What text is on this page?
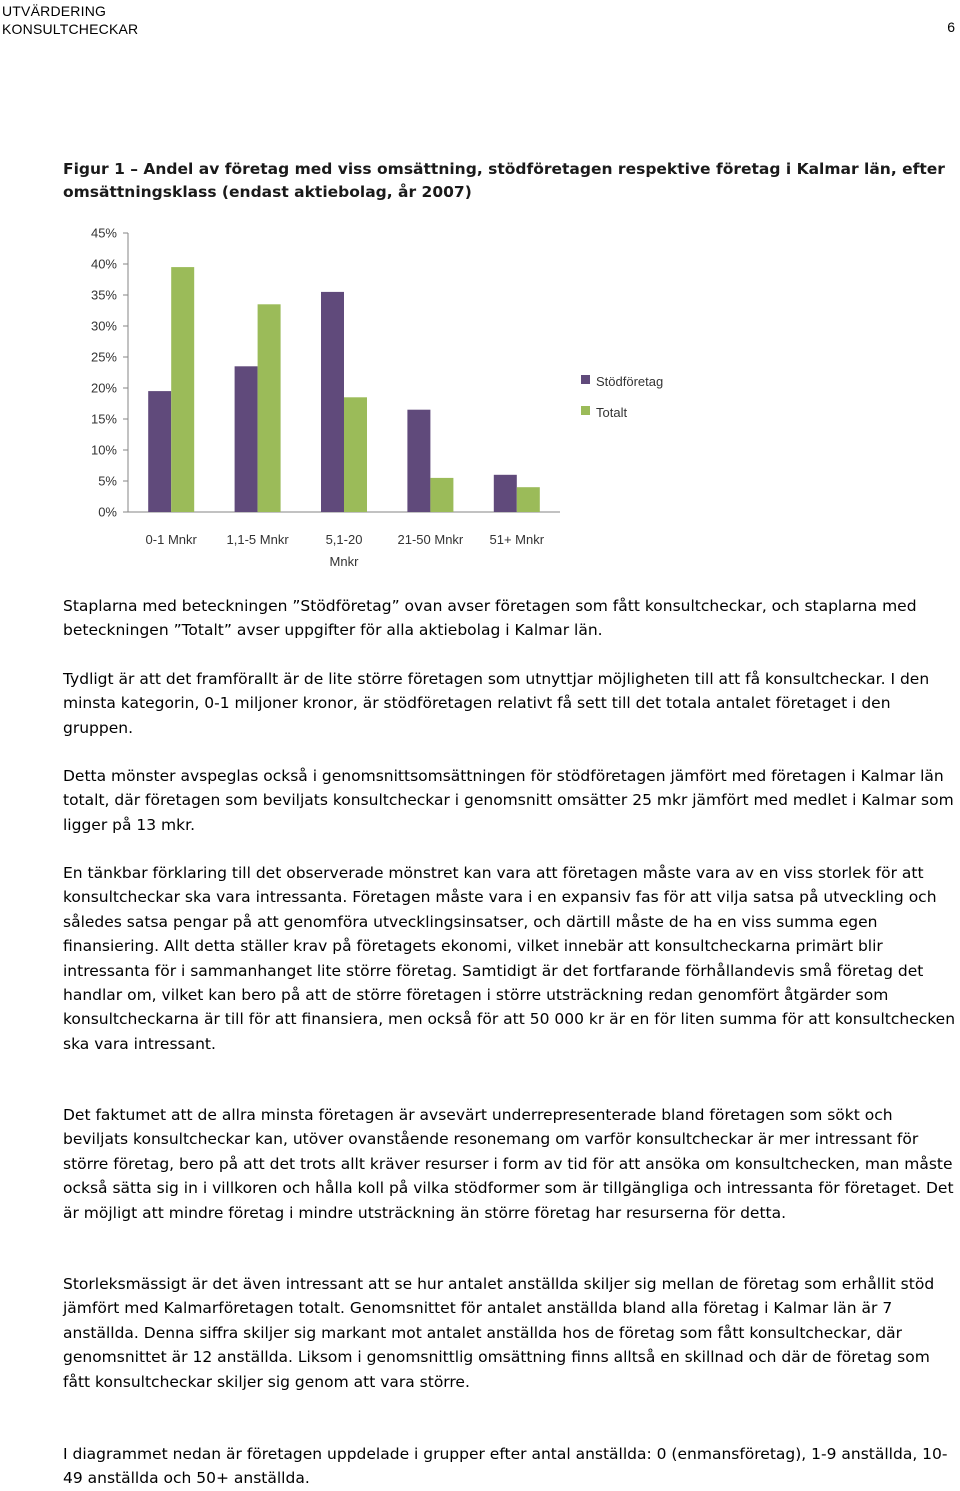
UTVÄRDERING
KONSULTCHECKAR	6
Figur 1 – Andel av företag med viss omsättning, stödföretagen respektive företag i Kalmar län, efter omsättningsklass (endast aktiebolag, år 2007)
0%
5%
10%
15%
20%
25%
30%
35%
40%
45%
0-1 Mnkr 1,1-5 Mnkr	5,1-20
Mnkr
21-50 Mnkr 51+ Mnkr
Stödföretag
Totalt

Staplarna med beteckningen ”Stödföretag” ovan avser företagen som fått konsultcheckar, och staplarna med beteckningen ”Totalt” avser uppgifter för alla aktiebolag i Kalmar län.

Tydligt är att det framförallt är de lite större företagen som utnyttjar möjligheten till att få konsultcheckar. I den minsta kategorin, 0-1 miljoner kronor, är stödföretagen relativt få sett till det totala antalet företaget i den gruppen.

Detta mönster avspeglas också i genomsnittsomsättningen för stödföretagen jämfört med företagen i Kalmar län totalt, där företagen som beviljats konsultcheckar i genomsnitt omsätter 25 mkr jämfört med medlet i Kalmar som ligger på 13 mkr.

En tänkbar förklaring till det observerade mönstret kan vara att företagen måste vara av en viss storlek för att konsultcheckar ska vara intressanta. Företagen måste vara i en expansiv fas för att vilja satsa på utveckling och således satsa pengar på att genomföra utvecklingsinsatser, och därtill måste de ha en viss summa egen finansiering. Allt detta ställer krav på företagets ekonomi, vilket innebär att konsultcheckarna primärt blir intressanta för i sammanhanget lite större företag. Samtidigt är det fortfarande förhållandevis små företag det handlar om, vilket kan bero på att de större företagen i större utsträckning redan genomfört åtgärder som konsultcheckarna är till för att finansiera, men också för att 50 000 kr är en för liten summa för att konsultchecken ska vara intressant.

Det faktumet att de allra minsta företagen är avsevärt underrepresenterade bland företagen som sökt och beviljats konsultcheckar kan, utöver ovanstående resonemang om varför konsultcheckar är mer intressant för större företag, bero på att det trots allt kräver resurser i form av tid för att ansöka om konsultchecken, man måste också sätta sig in i villkoren och hålla koll på vilka stödformer som är tillgängliga och intressanta för företaget. Det är möjligt att mindre företag i mindre utsträckning än större företag har resurserna för detta.

Storleksmässigt är det även intressant att se hur antalet anställda skiljer sig mellan de företag som erhållit stöd jämfört med Kalmarföretagen totalt. Genomsnittet för antalet anställda bland alla företag i Kalmar län är 7 anställda. Denna siffra skiljer sig markant mot antalet anställda hos de företag som fått konsultcheckar, där genomsnittet är 12 anställda. Liksom i genomsnittlig omsättning finns alltså en skillnad och där de företag som fått konsultcheckar skiljer sig genom att vara större.

I diagrammet nedan är företagen uppdelade i grupper efter antal anställda: 0 (enmansföretag), 1-9 anställda, 10-49 anställda och 50+ anställda.
